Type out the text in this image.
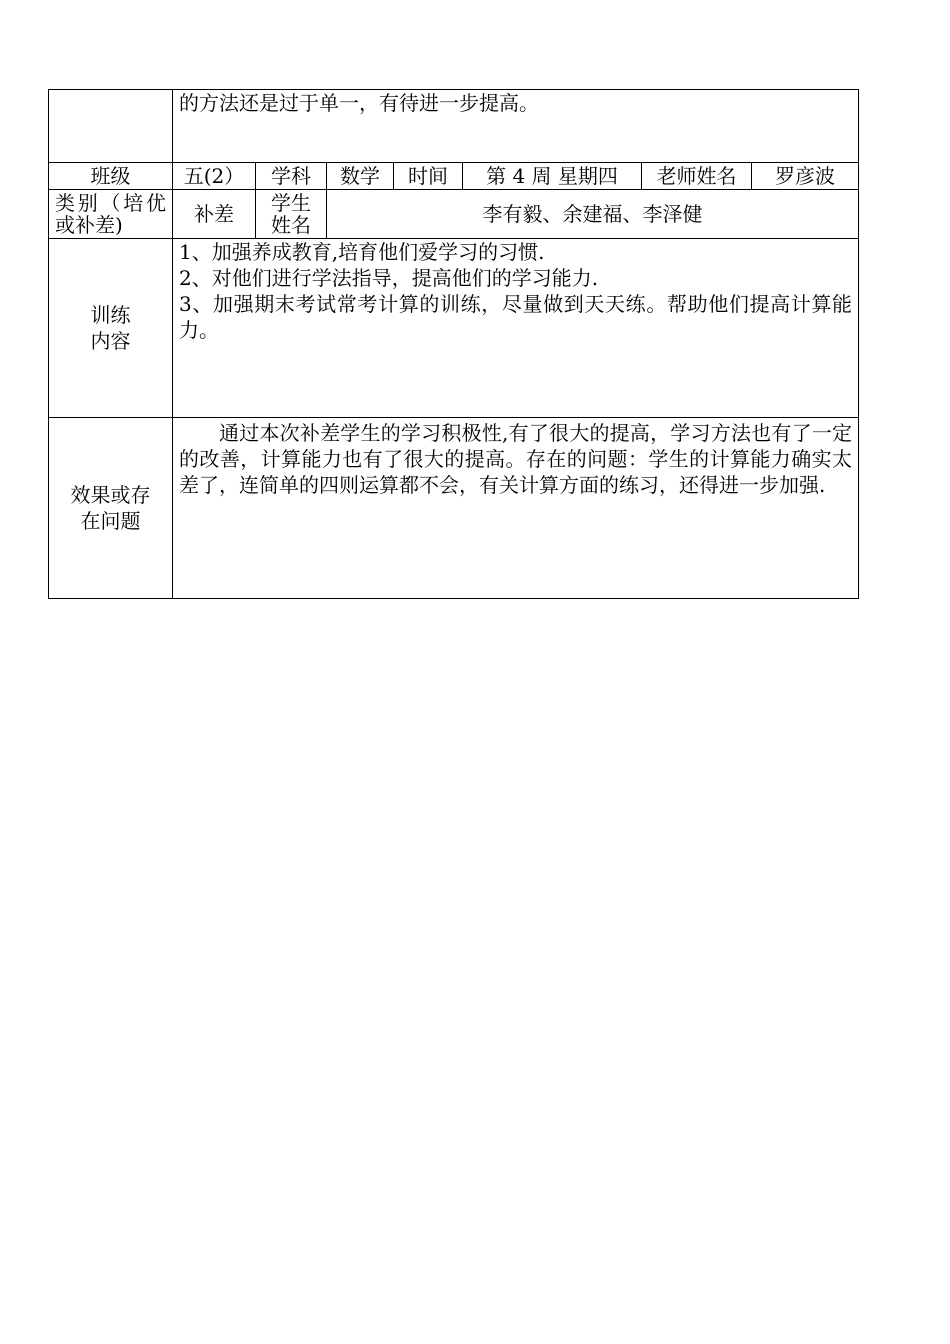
	的方法还是过于单一，有待进一步提高。						
班级	五(2）	学科	数学	时间	第 4 周 星期四	老师姓名	罗彦波
类别（培优或补差)	补差	学生姓名	李有毅、余建福、李泽健				

训练
内容	1、加强养成教育,培育他们爱学习的习惯.
2、对他们进行学法指导，提高他们的学习能力.
3、加强期末考试常考计算的训练，尽量做到天天练。帮助他们提高计算能力。						

效果或存
在问题	通过本次补差学生的学习积极性,有了很大的提高，学习方法也有了一定的改善，计算能力也有了很大的提高。存在的问题：学生的计算能力确实太差了，连简单的四则运算都不会，有关计算方面的练习，还得进一步加强.						
